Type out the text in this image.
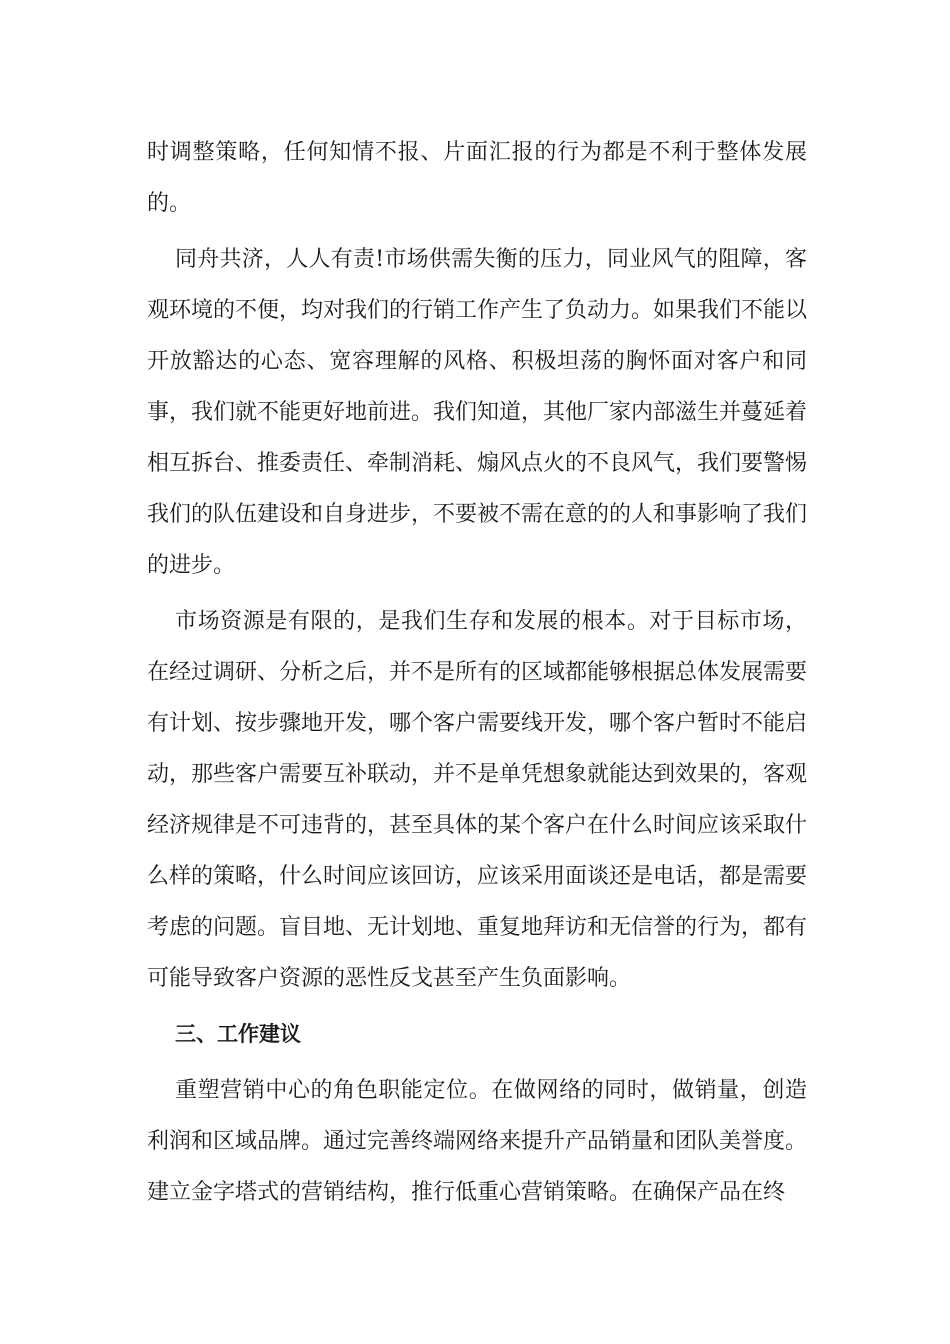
时调整策略，任何知情不报、片面汇报的行为都是不利于整体发展的。

同舟共济，人人有责!市场供需失衡的压力，同业风气的阻障，客观环境的不便，均对我们的行销工作产生了负动力。如果我们不能以开放豁达的心态、宽容理解的风格、积极坦荡的胸怀面对客户和同事，我们就不能更好地前进。我们知道，其他厂家内部滋生并蔓延着相互拆台、推委责任、牵制消耗、煽风点火的不良风气，我们要警惕我们的队伍建设和自身进步，不要被不需在意的的人和事影响了我们的进步。

市场资源是有限的，是我们生存和发展的根本。对于目标市场，在经过调研、分析之后，并不是所有的区域都能够根据总体发展需要有计划、按步骤地开发，哪个客户需要线开发，哪个客户暂时不能启动，那些客户需要互补联动，并不是单凭想象就能达到效果的，客观经济规律是不可违背的，甚至具体的某个客户在什么时间应该采取什么样的策略，什么时间应该回访，应该采用面谈还是电话，都是需要考虑的问题。盲目地、无计划地、重复地拜访和无信誉的行为，都有可能导致客户资源的恶性反戈甚至产生负面影响。

三、工作建议

重塑营销中心的角色职能定位。在做网络的同时，做销量，创造利润和区域品牌。通过完善终端网络来提升产品销量和团队美誉度。建立金字塔式的营销结构，推行低重心营销策略。在确保产品在终
